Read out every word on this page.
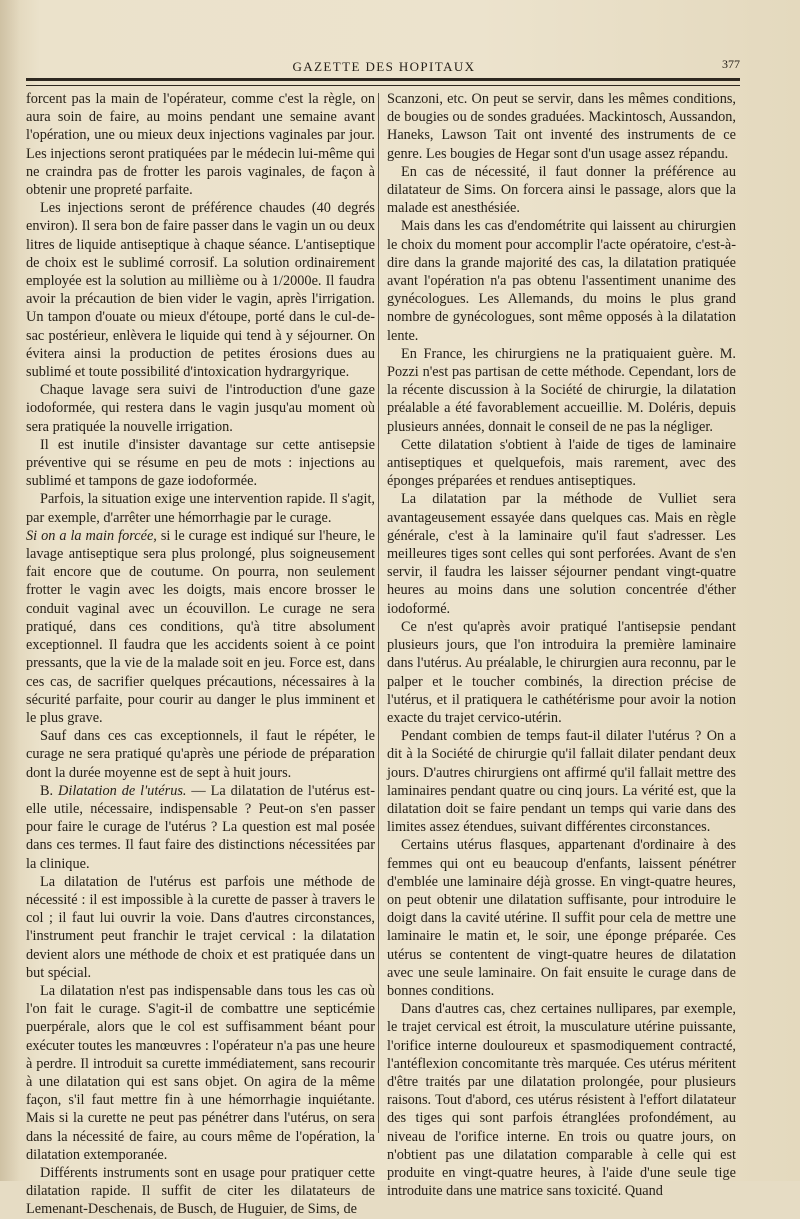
GAZETTE DES HOPITAUX	377

forcent pas la main de l'opérateur, comme c'est la règle, on aura soin de faire, au moins pendant une semaine avant l'opération, une ou mieux deux injections vaginales par jour. Les injections seront pratiquées par le médecin lui-même qui ne craindra pas de frotter les parois vaginales, de façon à obtenir une propreté parfaite.

Les injections seront de préférence chaudes (40 degrés environ). Il sera bon de faire passer dans le vagin un ou deux litres de liquide antiseptique à chaque séance. L'antiseptique de choix est le sublimé corrosif. La solution ordinairement employée est la solution au millième ou à 1/2000e. Il faudra avoir la précaution de bien vider le vagin, après l'irrigation. Un tampon d'ouate ou mieux d'étoupe, porté dans le cul-de-sac postérieur, enlèvera le liquide qui tend à y séjourner. On évitera ainsi la production de petites érosions dues au sublimé et toute possibilité d'intoxication hydrargyrique.

Chaque lavage sera suivi de l'introduction d'une gaze iodoformée, qui restera dans le vagin jusqu'au moment où sera pratiquée la nouvelle irrigation.

Il est inutile d'insister davantage sur cette antisepsie préventive qui se résume en peu de mots : injections au sublimé et tampons de gaze iodoformée.

Parfois, la situation exige une intervention rapide. Il s'agit, par exemple, d'arrêter une hémorrhagie par le curage.

Si on a la main forcée, si le curage est indiqué sur l'heure, le lavage antiseptique sera plus prolongé, plus soigneusement fait encore que de coutume. On pourra, non seulement frotter le vagin avec les doigts, mais encore brosser le conduit vaginal avec un écouvillon. Le curage ne sera pratiqué, dans ces conditions, qu'à titre absolument exceptionnel. Il faudra que les accidents soient à ce point pressants, que la vie de la malade soit en jeu. Force est, dans ces cas, de sacrifier quelques précautions, nécessaires à la sécurité parfaite, pour courir au danger le plus imminent et le plus grave.

Sauf dans ces cas exceptionnels, il faut le répéter, le curage ne sera pratiqué qu'après une période de préparation dont la durée moyenne est de sept à huit jours.

B. Dilatation de l'utérus. — La dilatation de l'utérus est-elle utile, nécessaire, indispensable ? Peut-on s'en passer pour faire le curage de l'utérus ? La question est mal posée dans ces termes. Il faut faire des distinctions nécessitées par la clinique.

La dilatation de l'utérus est parfois une méthode de nécessité : il est impossible à la curette de passer à travers le col ; il faut lui ouvrir la voie. Dans d'autres circonstances, l'instrument peut franchir le trajet cervical : la dilatation devient alors une méthode de choix et est pratiquée dans un but spécial.

La dilatation n'est pas indispensable dans tous les cas où l'on fait le curage. S'agit-il de combattre une septicémie puerpérale, alors que le col est suffisamment béant pour exécuter toutes les manœuvres : l'opérateur n'a pas une heure à perdre. Il introduit sa curette immédiatement, sans recourir à une dilatation qui est sans objet. On agira de la même façon, s'il faut mettre fin à une hémorrhagie inquiétante. Mais si la curette ne peut pas pénétrer dans l'utérus, on sera dans la nécessité de faire, au cours même de l'opération, la dilatation extemporanée.

Différents instruments sont en usage pour pratiquer cette dilatation rapide. Il suffit de citer les dilatateurs de Lemenant-Deschenais, de Busch, de Huguier, de Sims, de

Scanzoni, etc. On peut se servir, dans les mêmes conditions, de bougies ou de sondes graduées. Mackintosch, Aussandon, Haneks, Lawson Tait ont inventé des instruments de ce genre. Les bougies de Hegar sont d'un usage assez répandu.

En cas de nécessité, il faut donner la préférence au dilatateur de Sims. On forcera ainsi le passage, alors que la malade est anesthésiée.

Mais dans les cas d'endométrite qui laissent au chirurgien le choix du moment pour accomplir l'acte opératoire, c'est-à-dire dans la grande majorité des cas, la dilatation pratiquée avant l'opération n'a pas obtenu l'assentiment unanime des gynécologues. Les Allemands, du moins le plus grand nombre de gynécologues, sont même opposés à la dilatation lente.

En France, les chirurgiens ne la pratiquaient guère. M. Pozzi n'est pas partisan de cette méthode. Cependant, lors de la récente discussion à la Société de chirurgie, la dilatation préalable a été favorablement accueillie. M. Doléris, depuis plusieurs années, donnait le conseil de ne pas la négliger.

Cette dilatation s'obtient à l'aide de tiges de laminaire antiseptiques et quelquefois, mais rarement, avec des éponges préparées et rendues antiseptiques.

La dilatation par la méthode de Vulliet sera avantageusement essayée dans quelques cas. Mais en règle générale, c'est à la laminaire qu'il faut s'adresser. Les meilleures tiges sont celles qui sont perforées. Avant de s'en servir, il faudra les laisser séjourner pendant vingt-quatre heures au moins dans une solution concentrée d'éther iodoformé.

Ce n'est qu'après avoir pratiqué l'antisepsie pendant plusieurs jours, que l'on introduira la première laminaire dans l'utérus. Au préalable, le chirurgien aura reconnu, par le palper et le toucher combinés, la direction précise de l'utérus, et il pratiquera le cathétérisme pour avoir la notion exacte du trajet cervico-utérin.

Pendant combien de temps faut-il dilater l'utérus ? On a dit à la Société de chirurgie qu'il fallait dilater pendant deux jours. D'autres chirurgiens ont affirmé qu'il fallait mettre des laminaires pendant quatre ou cinq jours. La vérité est, que la dilatation doit se faire pendant un temps qui varie dans des limites assez étendues, suivant différentes circonstances.

Certains utérus flasques, appartenant d'ordinaire à des femmes qui ont eu beaucoup d'enfants, laissent pénétrer d'emblée une laminaire déjà grosse. En vingt-quatre heures, on peut obtenir une dilatation suffisante, pour introduire le doigt dans la cavité utérine. Il suffit pour cela de mettre une laminaire le matin et, le soir, une éponge préparée. Ces utérus se contentent de vingt-quatre heures de dilatation avec une seule laminaire. On fait ensuite le curage dans de bonnes conditions.

Dans d'autres cas, chez certaines nullipares, par exemple, le trajet cervical est étroit, la musculature utérine puissante, l'orifice interne douloureux et spasmodiquement contracté, l'antéflexion concomitante très marquée. Ces utérus méritent d'être traités par une dilatation prolongée, pour plusieurs raisons. Tout d'abord, ces utérus résistent à l'effort dilatateur des tiges qui sont parfois étranglées profondément, au niveau de l'orifice interne. En trois ou quatre jours, on n'obtient pas une dilatation comparable à celle qui est produite en vingt-quatre heures, à l'aide d'une seule tige introduite dans une matrice sans toxicité. Quand
